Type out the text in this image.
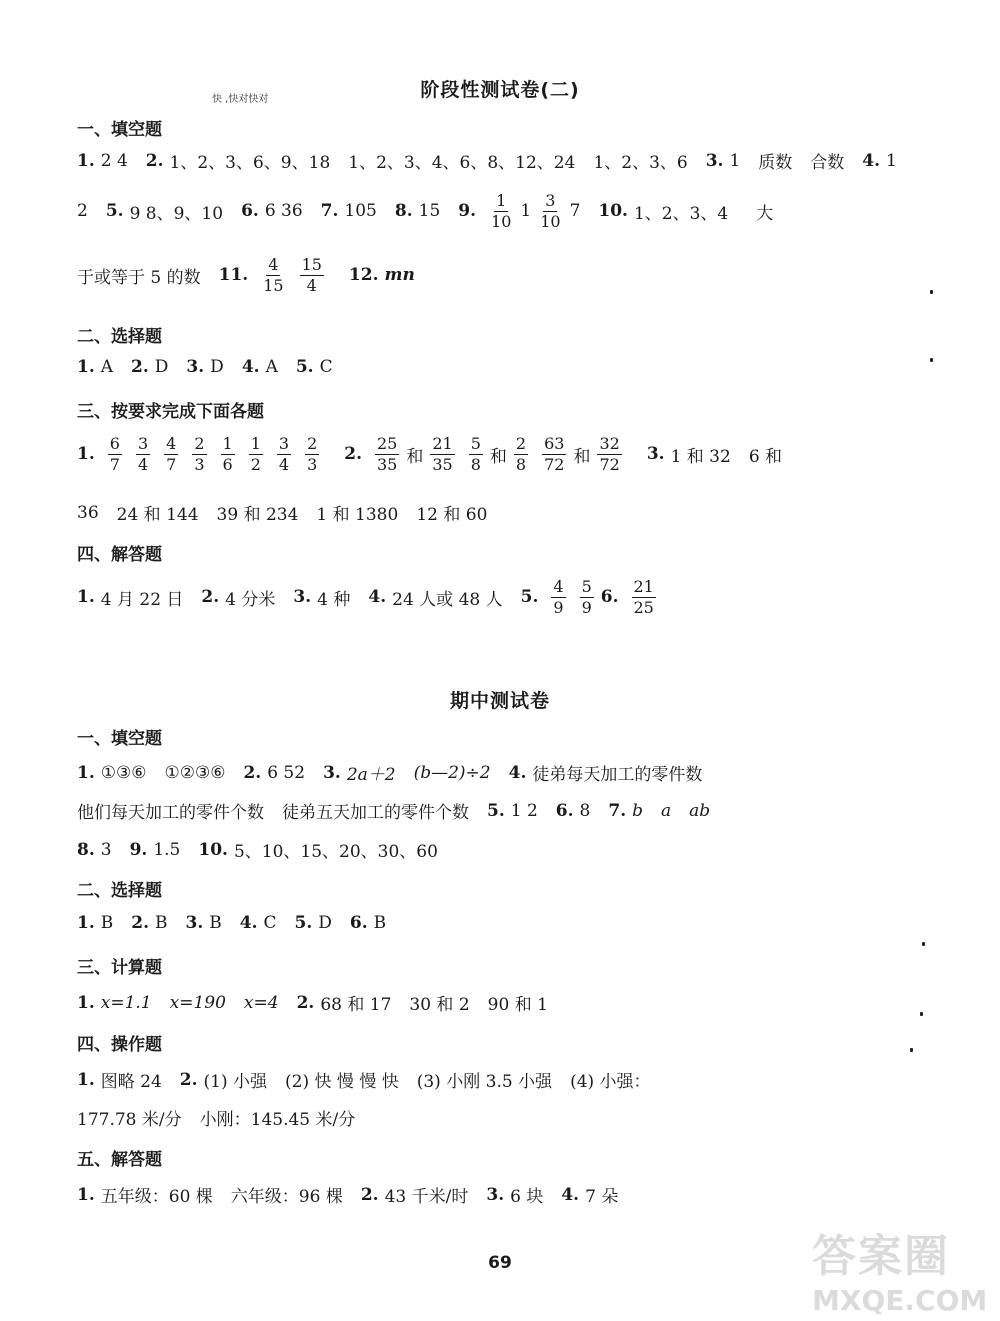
阶段性测试卷(二)
快 ,快对快对
一、填空题
1. 2 4 2. 1、2、3、6、9、18 1、2、3、4、6、8、12、24 1、2、3、6 3. 1 质数 合数 4. 1
2 5. 9 8、9、10 6. 6 36 7. 105 8. 15 9. $\frac{1}{10} 1 \frac{3}{10} 7$ 10. 1、2、3、4 大
于或等于 5 的数 11. $\frac{4}{15} \frac{15}{4} 12$. mn
二、选择题
1. A 2. D 3. D 4. A 5. C
三、按要求完成下面各题
1. $\frac{6}{7} \frac{3}{4} \frac{4}{7} \frac{2}{3} \frac{1}{6} \frac{1}{2} \frac{3}{4} \frac{2}{3} 2$. $\frac{25}{35}$ 和 $\frac{21}{35} \frac{5}{8}$ 和 $\frac{2}{8} \frac{63}{72}$ 和 $\frac{32}{72} 3$. 1 和 32 6 和
36 24 和 144 39 和 234 1 和 1380 12 和 60
四、解答题
1. 4 月 22 日 2. 4 分米 3. 4 种 4. 24 人或 48 人 5. $\frac{4}{9} \frac{5}{9} 6$. $\frac{21}{25}$
期中测试卷
一、填空题
1. ①③⑥ ①②③⑥ 2. 6 52 3. 2a＋2 (b—2)÷2 4. 徒弟每天加工的零件数
他们每天加工的零件个数 徒弟五天加工的零件个数 5. 1 2 6. 8 7. b a ab
8. 3 9. 1.5 10. 5、10、15、20、30、60
二、选择题
1. B 2. B 3. B 4. C 5. D 6. B
三、计算题
1. x=1.1 x=190 x=4 2. 68 和 17 30 和 2 90 和 1
四、操作题
1. 图略 24 2. (1) 小强 (2) 快 慢 慢 快 (3) 小刚 3.5 小强 (4) 小强：
177.78 米/分 小刚：145.45 米/分
五、解答题
1. 五年级：60 棵 六年级：96 棵 2. 43 千米/时 3. 6 块 4. 7 朵
69	答案圈
MXQE.COM
